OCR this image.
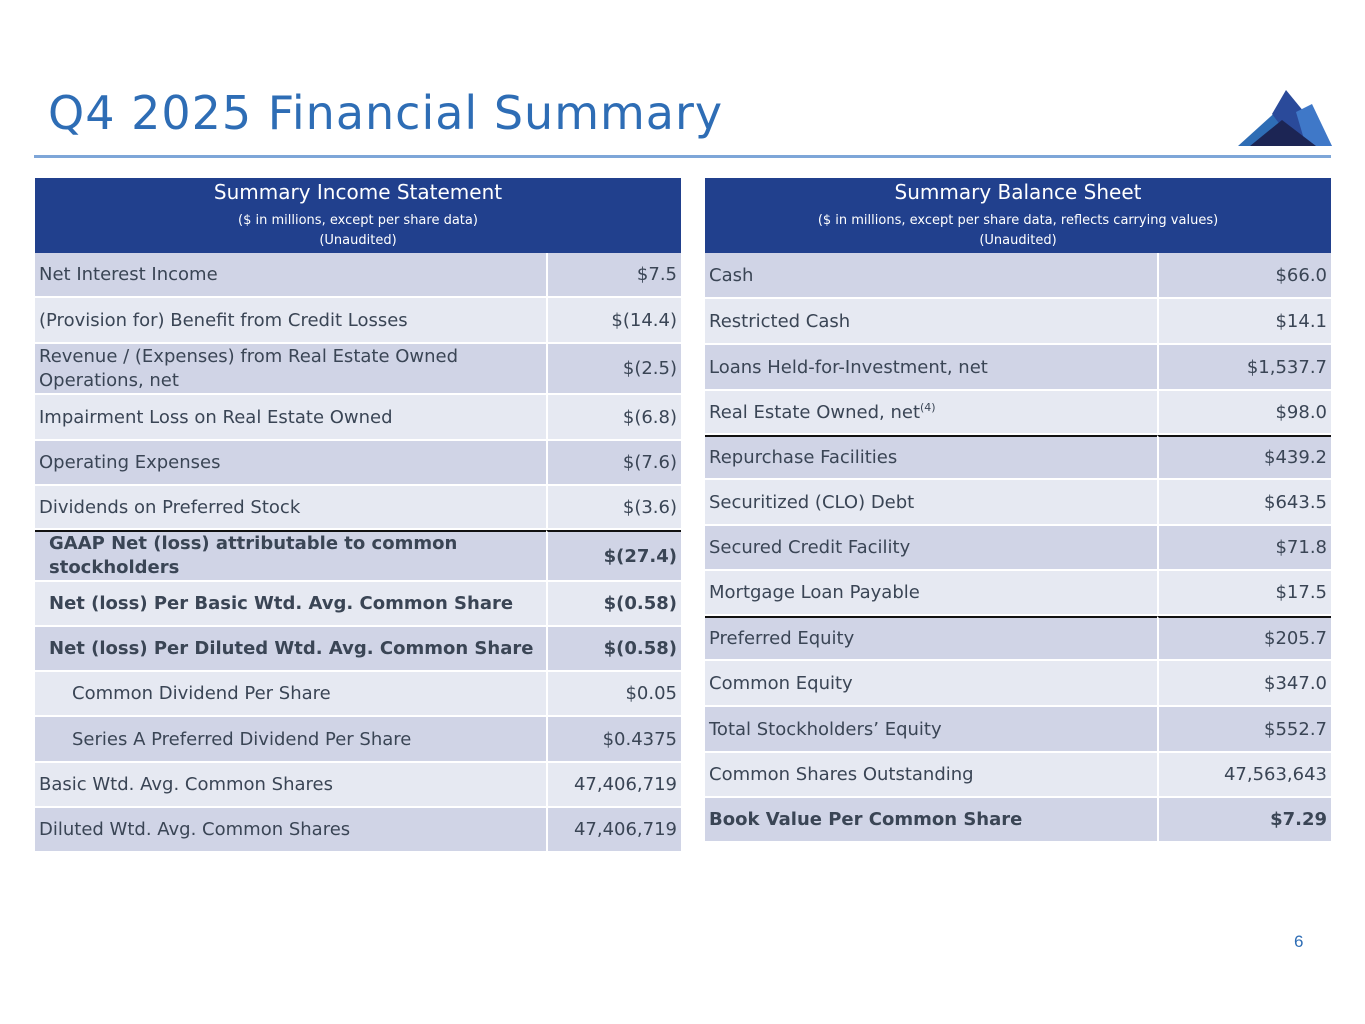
Q4 2025 Financial Summary
Summary Income Statement
($ in millions, except per share data)
(Unaudited)	

Net Interest Income	$7.5
(Provision for) Benefit from Credit Losses	$(14.4)
Revenue / (Expenses) from Real Estate Owned Operations, net	$(2.5)
Impairment Loss on Real Estate Owned	$(6.8)
Operating Expenses	$(7.6)
Dividends on Preferred Stock	$(3.6)
GAAP Net (loss) attributable to common stockholders	$(27.4)
Net (loss) Per Basic Wtd. Avg. Common Share	$(0.58)
Net (loss) Per Diluted Wtd. Avg. Common Share	$(0.58)
Common Dividend Per Share	$0.05
Series A Preferred Dividend Per Share	$0.4375
Basic Wtd. Avg. Common Shares	47,406,719
Diluted Wtd. Avg. Common Shares	47,406,719
Summary Balance Sheet
($ in millions, except per share data, reflects carrying values)
(Unaudited)	

Cash	$66.0
Restricted Cash	$14.1
Loans Held-for-Investment, net	$1,537.7
Real Estate Owned, net$^{(4)}$	$98.0
Repurchase Facilities	$439.2
Securitized (CLO) Debt	$643.5
Secured Credit Facility	$71.8
Mortgage Loan Payable	$17.5
Preferred Equity	$205.7
Common Equity	$347.0
Total Stockholders’ Equity	$552.7
Common Shares Outstanding	47,563,643
Book Value Per Common Share	$7.29
6
